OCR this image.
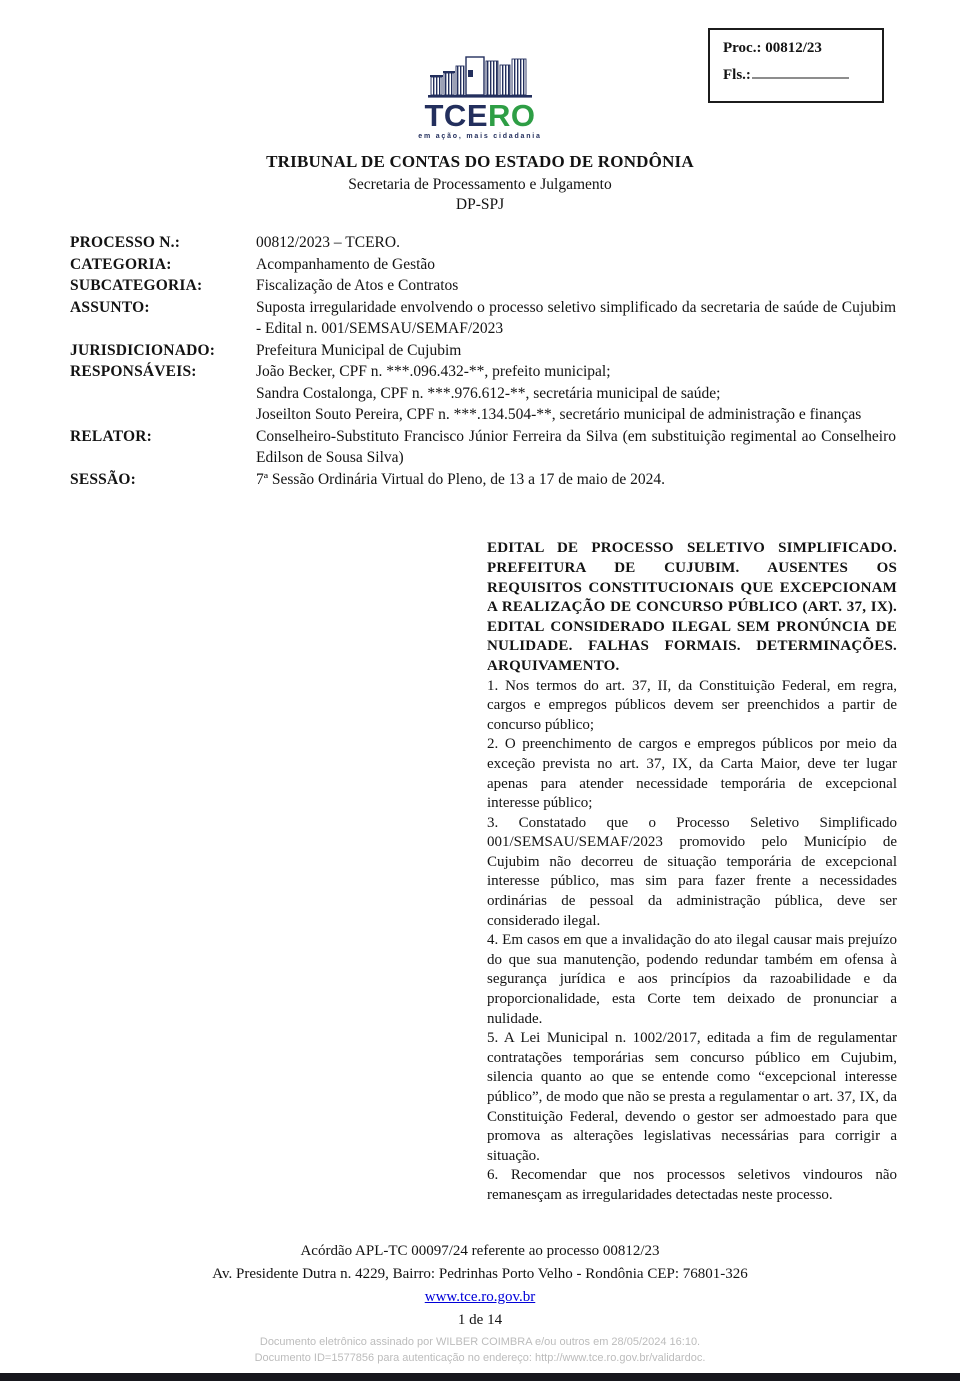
Proc.: 00812/23
Fls.:
TCERO
em ação, mais cidadania
TRIBUNAL DE CONTAS DO ESTADO DE RONDÔNIA
Secretaria de Processamento e Julgamento
DP-SPJ
PROCESSO N.:	00812/2023 – TCERO.
CATEGORIA:	Acompanhamento de Gestão
SUBCATEGORIA:	Fiscalização de Atos e Contratos
ASSUNTO:	Suposta irregularidade envolvendo o processo seletivo simplificado da secretaria de saúde de Cujubim - Edital n. 001/SEMSAU/SEMAF/2023
JURISDICIONADO:	Prefeitura Municipal de Cujubim
RESPONSÁVEIS:	João Becker, CPF n. ***.096.432-**, prefeito municipal;
Sandra Costalonga, CPF n. ***.976.612-**, secretária municipal de saúde;
Joseilton Souto Pereira, CPF n. ***.134.504-**, secretário municipal de administração e finanças
RELATOR:	Conselheiro-Substituto Francisco Júnior Ferreira da Silva (em substituição regimental ao Conselheiro Edilson de Sousa Silva)
SESSÃO:	7ª Sessão Ordinária Virtual do Pleno, de 13 a 17 de maio de 2024.

EDITAL DE PROCESSO SELETIVO SIMPLIFICADO. PREFEITURA DE CUJUBIM. AUSENTES OS REQUISITOS CONSTITUCIONAIS QUE EXCEPCIONAM A REALIZAÇÃO DE CONCURSO PÚBLICO (ART. 37, IX). EDITAL CONSIDERADO ILEGAL SEM PRONÚNCIA DE NULIDADE. FALHAS FORMAIS. DETERMINAÇÕES. ARQUIVAMENTO.

1. Nos termos do art. 37, II, da Constituição Federal, em regra, cargos e empregos públicos devem ser preenchidos a partir de concurso público;

2. O preenchimento de cargos e empregos públicos por meio da exceção prevista no art. 37, IX, da Carta Maior, deve ter lugar apenas para atender necessidade temporária de excepcional interesse público;

3. Constatado que o Processo Seletivo Simplificado 001/SEMSAU/SEMAF/2023 promovido pelo Município de Cujubim não decorreu de situação temporária de excepcional interesse público, mas sim para fazer frente a necessidades ordinárias de pessoal da administração pública, deve ser considerado ilegal.

4. Em casos em que a invalidação do ato ilegal causar mais prejuízo do que sua manutenção, podendo redundar também em ofensa à segurança jurídica e aos princípios da razoabilidade e da proporcionalidade, esta Corte tem deixado de pronunciar a nulidade.

5. A Lei Municipal n. 1002/2017, editada a fim de regulamentar contratações temporárias sem concurso público em Cujubim, silencia quanto ao que se entende como “excepcional interesse público”, de modo que não se presta a regulamentar o art. 37, IX, da Constituição Federal, devendo o gestor ser admoestado para que promova as alterações legislativas necessárias para corrigir a situação.

6. Recomendar que nos processos seletivos vindouros não remanesçam as irregularidades detectadas neste processo.

Acórdão APL-TC 00097/24 referente ao processo 00812/23
Av. Presidente Dutra n. 4229, Bairro: Pedrinhas Porto Velho - Rondônia CEP: 76801-326
www.tce.ro.gov.br
1 de 14
Documento eletrônico assinado por WILBER COIMBRA e/ou outros em 28/05/2024 16:10.
Documento ID=1577856 para autenticação no endereço: http://www.tce.ro.gov.br/validardoc.
